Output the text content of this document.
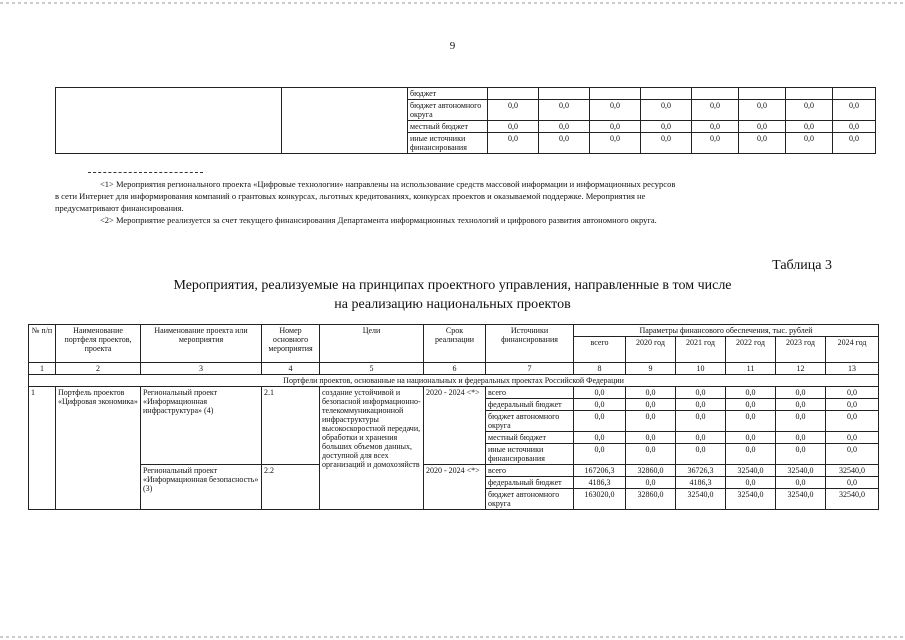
9
		бюджет								
		бюджет автономного округа	0,0	0,0	0,0	0,0	0,0	0,0	0,0	0,0
		местный бюджет	0,0	0,0	0,0	0,0	0,0	0,0	0,0	0,0
		иные источники финансирования	0,0	0,0	0,0	0,0	0,0	0,0	0,0	0,0

<1> Мероприятия регионального проекта «Цифровые технологии» направлены на использование средств массовой информации и информационных ресурсов

в сети Интернет для информирования компаний о грантовых конкурсах, льготных кредитованиях, конкурсах проектов и оказываемой поддержке. Мероприятия не

предусматривают финансирования.

<2> Мероприятие реализуется за счет текущего финансирования Департамента информационных технологий и цифрового развития автономного округа.

Таблица 3
Мероприятия, реализуемые на принципах проектного управления, направленные в том числе
на реализацию национальных проектов
№ п/п	Наименование портфеля проектов, проекта	Наименование проекта или мероприятия	Номер основного мероприятия	Цели	Срок реализации	Источники финансирования	Параметры финансового обеспечения, тыс. рублей					
							всего	2020 год	2021 год	2022 год	2023 год	2024 год
1	2	3	4	5	6	7	8	9	10	11	12	13
Портфели проектов, основанные на национальных и федеральных проектах Российской Федерации												
1	Портфель проектов «Цифровая экономика»	Региональный проект «Информационная инфраструктура» (4)	2.1	создание устойчивой и безопасной информационно-телекоммуникационной инфраструктуры высокоскоростной передачи, обработки и хранения больших объемов данных, доступной для всех организаций и домохозяйств	2020 - 2024 <*>	всего	0,0	0,0	0,0	0,0	0,0	0,0
						федеральный бюджет	0,0	0,0	0,0	0,0	0,0	0,0
						бюджет автономного округа	0,0	0,0	0,0	0,0	0,0	0,0
						местный бюджет	0,0	0,0	0,0	0,0	0,0	0,0
						иные источники финансирования	0,0	0,0	0,0	0,0	0,0	0,0
		Региональный проект «Информационная безопасность» (3)	2.2		2020 - 2024 <*>	всего	167206,3	32860,0	36726,3	32540,0	32540,0	32540,0
						федеральный бюджет	4186,3	0,0	4186,3	0,0	0,0	0,0
						бюджет автономного округа	163020,0	32860,0	32540,0	32540,0	32540,0	32540,0
